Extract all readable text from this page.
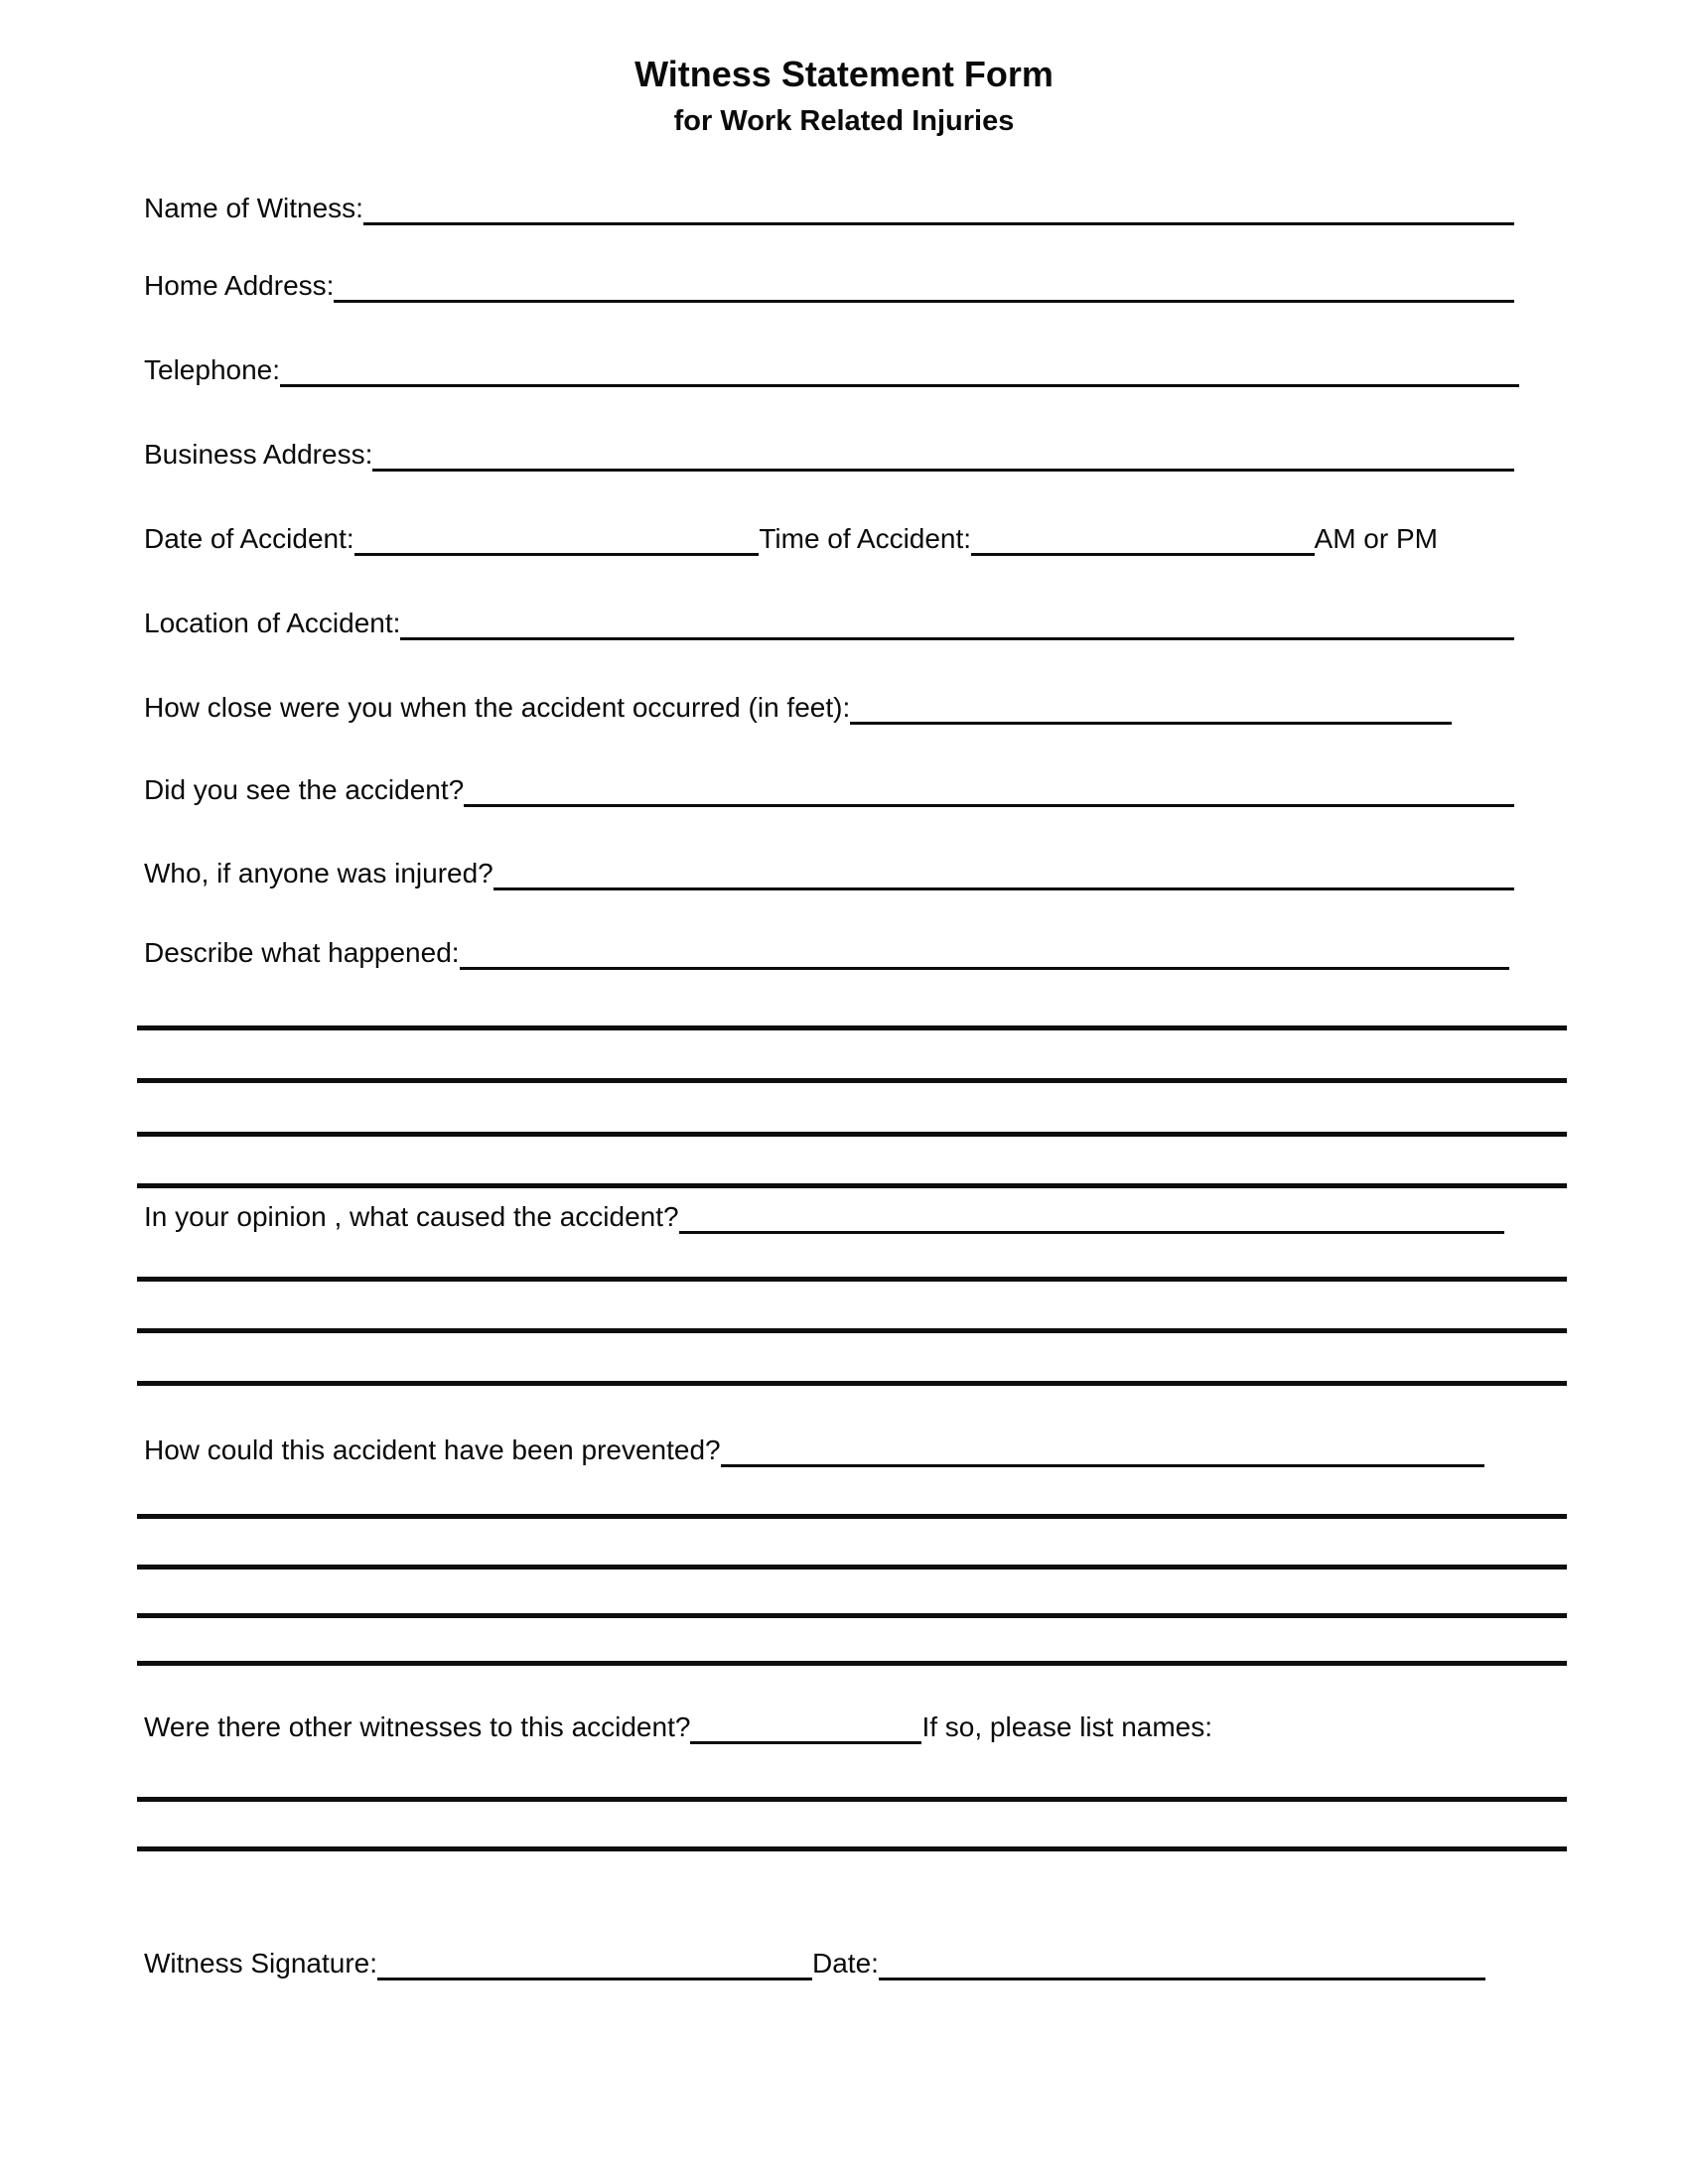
Witness Statement Form
for Work Related Injuries
Name of Witness:
Home Address:
Telephone:
Business Address:
Date of Accident:	Time of Accident:	AM or PM
Location of Accident:
How close were you when the accident occurred (in feet):
Did you see the accident?
Who, if anyone was injured?
Describe what happened:
In your opinion , what caused the accident?
How could this accident have been prevented?
Were there other witnesses to this accident?	If so, please list names:
Witness Signature:	Date:
